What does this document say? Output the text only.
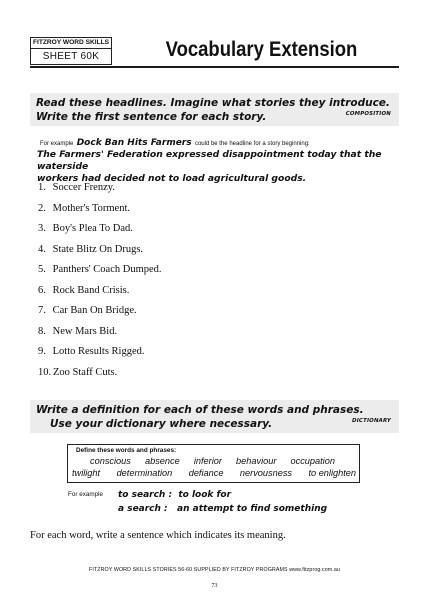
FITZROY WORD SKILLS
SHEET 60K	Vocabulary Extension
Read these headlines. Imagine what stories they introduce.
Write the first sentence for each story.	COMPOSITION
For example Dock Ban Hits Farmers could be the headline for a story beginning:
The Farmers' Federation expressed disappointment today that the waterside
workers had decided not to load agricultural goods.
1. Soccer Frenzy.
2. Mother's Torment.
3. Boy's Plea To Dad.
4. State Blitz On Drugs.
5. Panthers' Coach Dumped.
6. Rock Band Crisis.
7. Car Ban On Bridge.
8. New Mars Bid.
9. Lotto Results Rigged.
10. Zoo Staff Cuts.
Write a definition for each of these words and phrases.
Use your dictionary where necessary.	DICTIONARY
Define these words and phrases:
conscious absence inferior behaviour occupation
twilight determination defiance nervousness to enlighten
For example to search :  to look for
a search :   an attempt to find something
For each word, write a sentence which indicates its meaning.
FITZROY WORD SKILLS STORIES 56-60 SUPPLIED BY FITZROY PROGRAMS www.fitzprog.com.au
73
